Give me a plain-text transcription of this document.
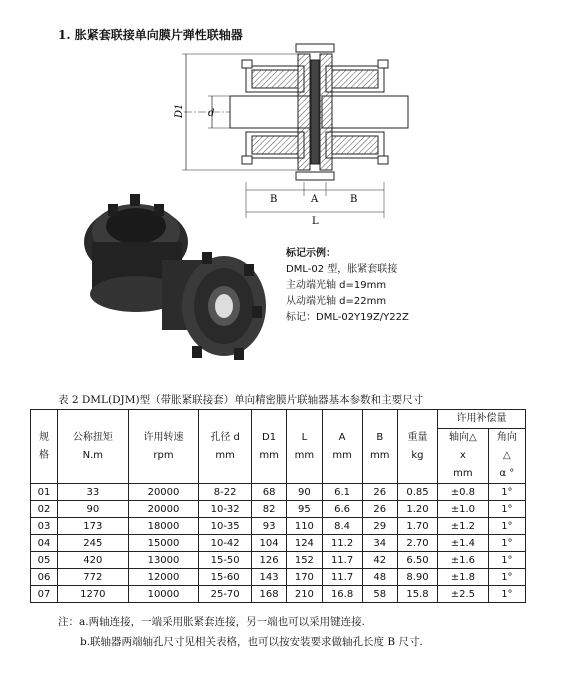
1. 胀紧套联接单向膜片弹性联轴器
D1 d
B	A	B
L
标记示例：
DML-02 型，胀紧套联接
主动端光轴 d=19mm
从动端光轴 d=22mm
标记：DML-02Y19Z/Y22Z
表 2 DML(DJM)型（带胀紧联接套）单向精密膜片联轴器基本参数和主要尺寸
规
格	公称扭矩
N.m	许用转速
rpm	孔径 d
mm	D1
mm	L
mm	A
mm	B
mm	重量
kg	许用补偿量	
									轴向△
x
mm	角向
△
α °

01	33	20000	8-22	68	90	6.1	26	0.85	±0.8	1°
02	90	20000	10-32	82	95	6.6	26	1.20	±1.0	1°
03	173	18000	10-35	93	110	8.4	29	1.70	±1.2	1°
04	245	15000	10-42	104	124	11.2	34	2.70	±1.4	1°
05	420	13000	15-50	126	152	11.7	42	6.50	±1.6	1°
06	772	12000	15-60	143	170	11.7	48	8.90	±1.8	1°
07	1270	10000	25-70	168	210	16.8	58	15.8	±2.5	1°
注：a.两轴连接，一端采用胀紧套连接，另一端也可以采用键连接.
b.联轴器两端轴孔尺寸见相关表格，也可以按安装要求做轴孔长度 B 尺寸.
